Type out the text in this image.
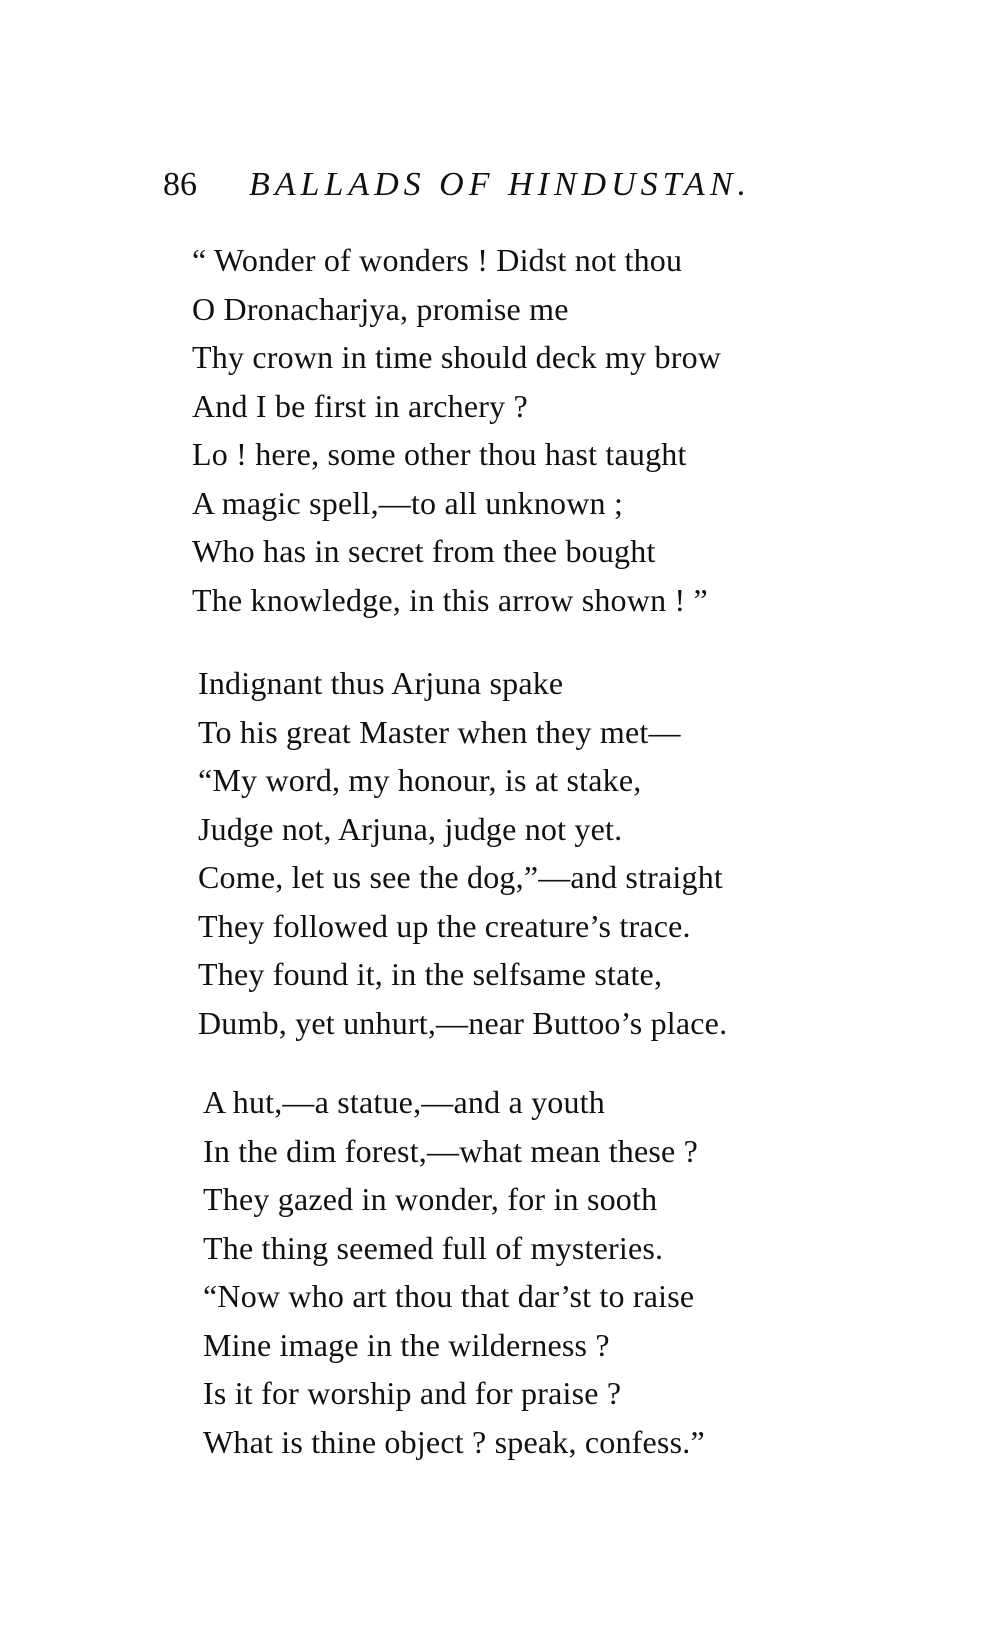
86 BALLADS OF HINDUSTAN.
“ Wonder of wonders ! Didst not thou
O Dronacharjya, promise me
Thy crown in time should deck my brow
And I be first in archery ?
Lo ! here, some other thou hast taught
A magic spell,—to all unknown ;
Who has in secret from thee bought
The knowledge, in this arrow shown ! ”
Indignant thus Arjuna spake
To his great Master when they met—
“My word, my honour, is at stake,
Judge not, Arjuna, judge not yet.
Come, let us see the dog,”—and straight
They followed up the creature’s trace.
They found it, in the selfsame state,
Dumb, yet unhurt,—near Buttoo’s place.
A hut,—a statue,—and a youth
In the dim forest,—what mean these ?
They gazed in wonder, for in sooth
The thing seemed full of mysteries.
“Now who art thou that dar’st to raise
Mine image in the wilderness ?
Is it for worship and for praise ?
What is thine object ? speak, confess.”
